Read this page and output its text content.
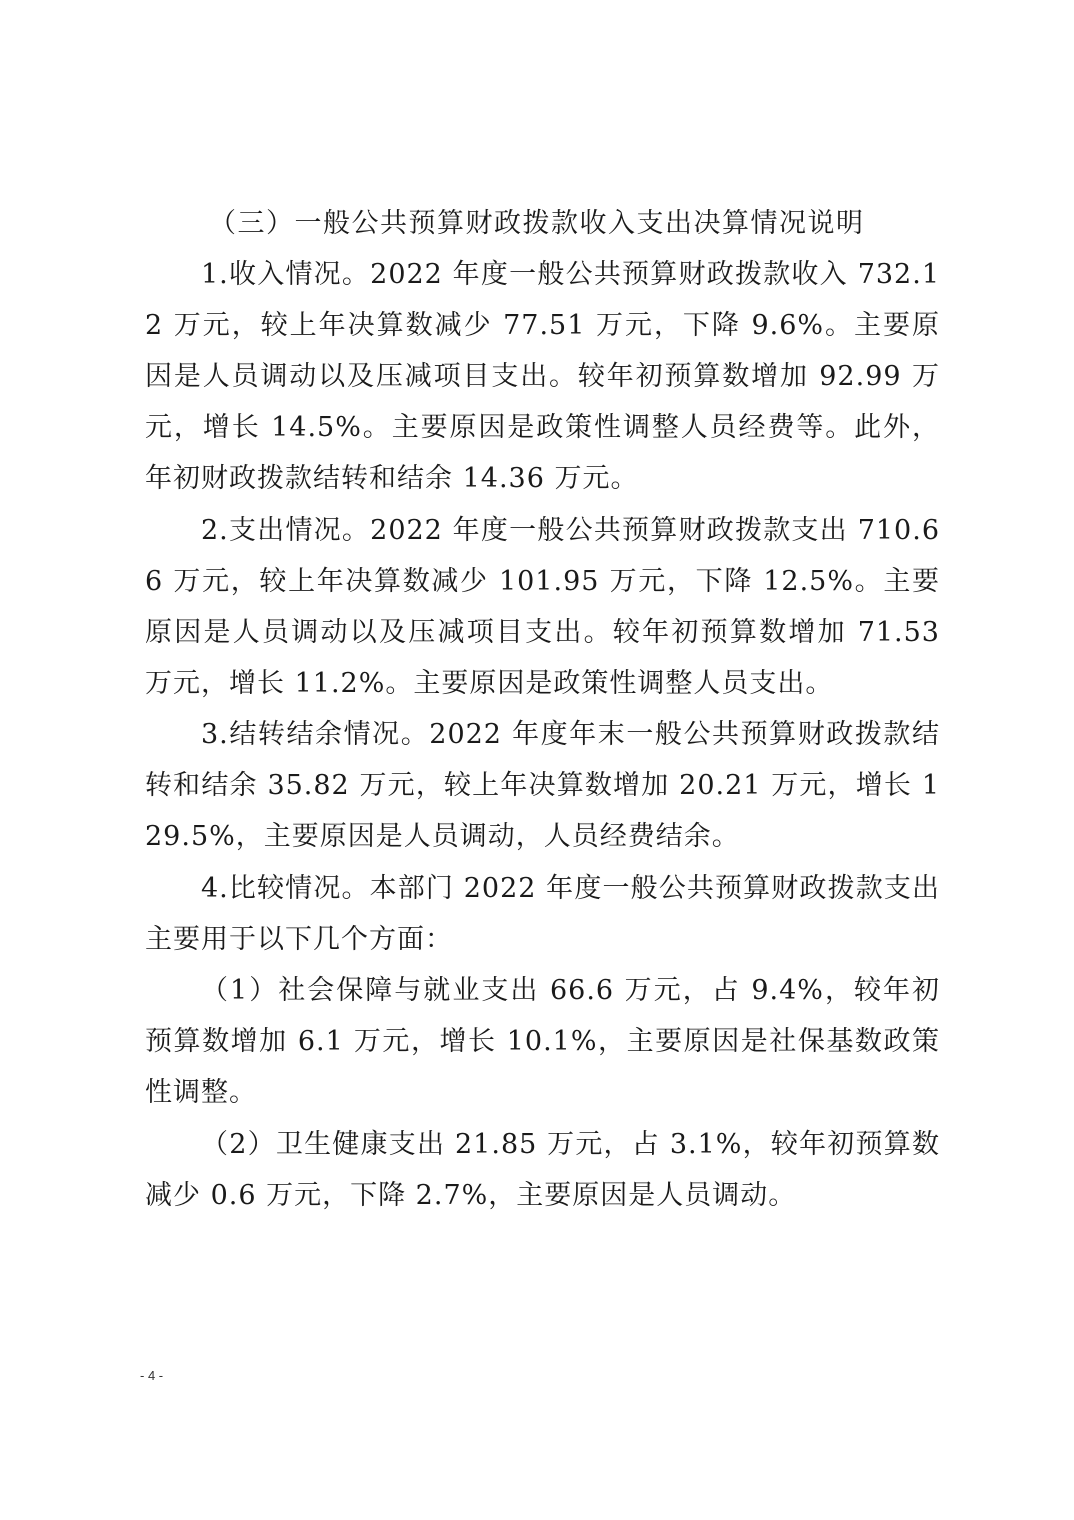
（三）一般公共预算财政拨款收入支出决算情况说明

1.收入情况。2022 年度一般公共预算财政拨款收入 732.12 万元，较上年决算数减少 77.51 万元，下降 9.6%。主要原因是人员调动以及压减项目支出。较年初预算数增加 92.99 万元，增长 14.5%。主要原因是政策性调整人员经费等。此外，年初财政拨款结转和结余 14.36 万元。

2.支出情况。2022 年度一般公共预算财政拨款支出 710.66 万元，较上年决算数减少 101.95 万元，下降 12.5%。主要原因是人员调动以及压减项目支出。较年初预算数增加 71.53 万元，增长 11.2%。主要原因是政策性调整人员支出。

3.结转结余情况。2022 年度年末一般公共预算财政拨款结转和结余 35.82 万元，较上年决算数增加 20.21 万元，增长 129.5%，主要原因是人员调动，人员经费结余。

4.比较情况。本部门 2022 年度一般公共预算财政拨款支出主要用于以下几个方面：

（1）社会保障与就业支出 66.6 万元，占 9.4%，较年初预算数增加 6.1 万元，增长 10.1%，主要原因是社保基数政策性调整。

（2）卫生健康支出 21.85 万元，占 3.1%，较年初预算数减少 0.6 万元，下降 2.7%，主要原因是人员调动。

- 4 -
